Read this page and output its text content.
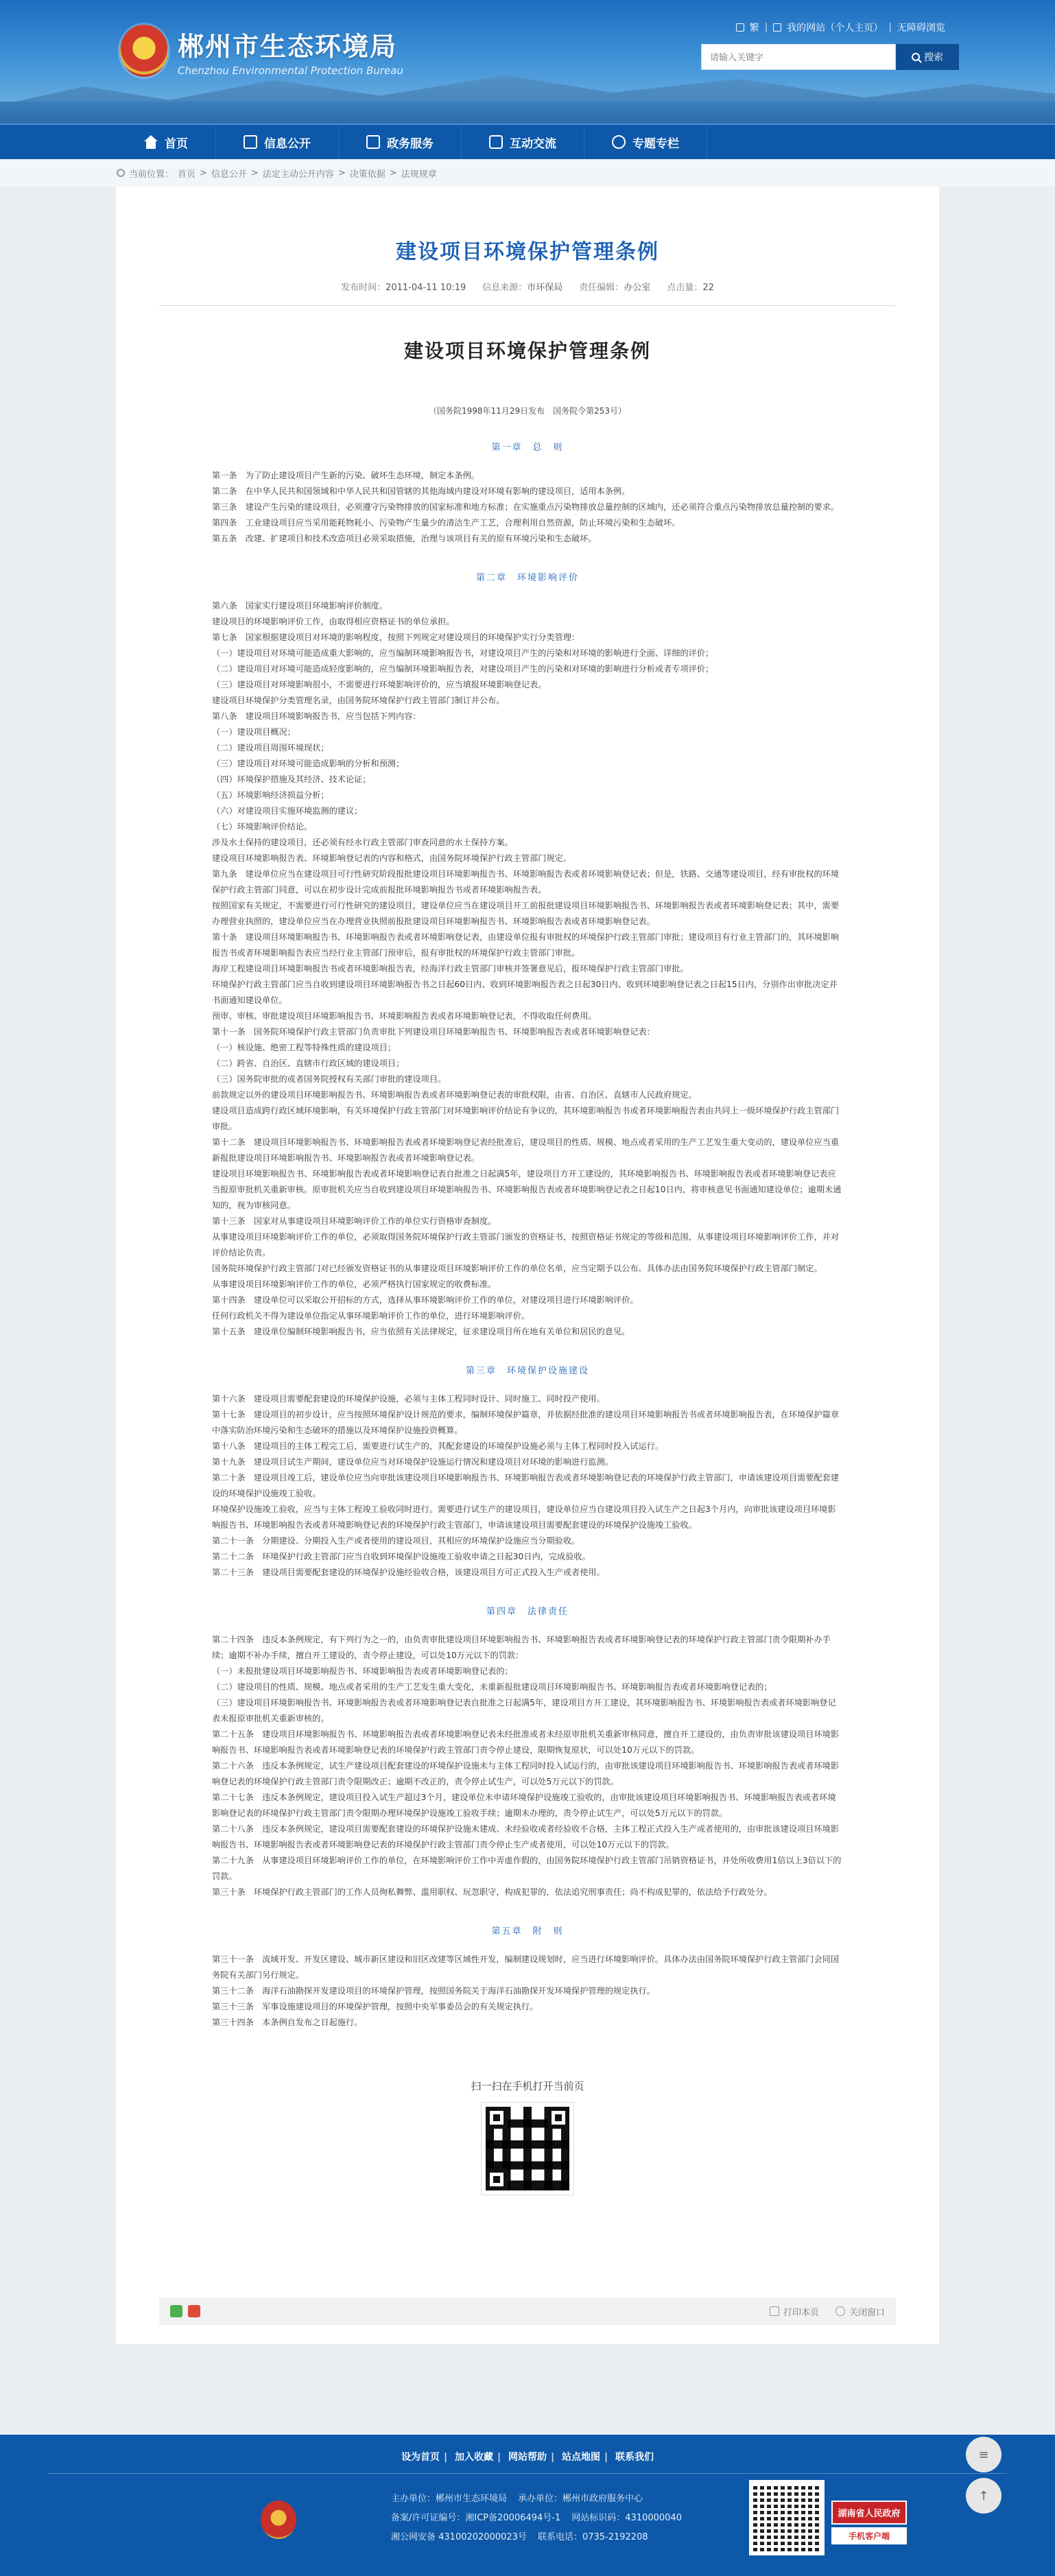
繁 | 我的网站（个人主页） | 无障碍浏览
郴州市生态环境局
Chenzhou Environmental Protection Bureau
请输入关键字
搜索
首页	信息公开	政务服务	互动交流	专题专栏
当前位置： 首页 > 信息公开 > 法定主动公开内容 > 决策依据 > 法规规章
建设项目环境保护管理条例
发布时间：2011-04-11 10:19 信息来源：市环保局 责任编辑：办公室 点击量：22
建设项目环境保护管理条例
（国务院1998年11月29日发布　国务院令第253号）
第一章　总　则
第一条　为了防止建设项目产生新的污染、破坏生态环境，制定本条例。
第二条　在中华人民共和国领域和中华人民共和国管辖的其他海域内建设对环境有影响的建设项目，适用本条例。
第三条　建设产生污染的建设项目，必须遵守污染物排放的国家标准和地方标准；在实施重点污染物排放总量控制的区域内，还必须符合重点污染物排放总量控制的要求。
第四条　工业建设项目应当采用能耗物耗小、污染物产生量少的清洁生产工艺，合理利用自然资源，防止环境污染和生态破坏。
第五条　改建、扩建项目和技术改造项目必须采取措施，治理与该项目有关的原有环境污染和生态破坏。
第二章　环境影响评价
第六条　国家实行建设项目环境影响评价制度。
建设项目的环境影响评价工作，由取得相应资格证书的单位承担。
第七条　国家根据建设项目对环境的影响程度，按照下列规定对建设项目的环境保护实行分类管理：
（一）建设项目对环境可能造成重大影响的，应当编制环境影响报告书，对建设项目产生的污染和对环境的影响进行全面、详细的评价；
（二）建设项目对环境可能造成轻度影响的，应当编制环境影响报告表，对建设项目产生的污染和对环境的影响进行分析或者专项评价；
（三）建设项目对环境影响很小，不需要进行环境影响评价的，应当填报环境影响登记表。
建设项目环境保护分类管理名录，由国务院环境保护行政主管部门制订并公布。
第八条　建设项目环境影响报告书，应当包括下列内容：
（一）建设项目概况；
（二）建设项目周围环境现状；
（三）建设项目对环境可能造成影响的分析和预测；
（四）环境保护措施及其经济、技术论证；
（五）环境影响经济损益分析；
（六）对建设项目实施环境监测的建议；
（七）环境影响评价结论。
涉及水土保持的建设项目，还必须有经水行政主管部门审查同意的水土保持方案。
建设项目环境影响报告表、环境影响登记表的内容和格式，由国务院环境保护行政主管部门规定。
第九条　建设单位应当在建设项目可行性研究阶段报批建设项目环境影响报告书、环境影响报告表或者环境影响登记表；但是，铁路、交通等建设项目，经有审批权的环境保护行政主管部门同意，可以在初步设计完成前报批环境影响报告书或者环境影响报告表。
按照国家有关规定，不需要进行可行性研究的建设项目，建设单位应当在建设项目开工前报批建设项目环境影响报告书、环境影响报告表或者环境影响登记表；其中，需要办理营业执照的，建设单位应当在办理营业执照前报批建设项目环境影响报告书、环境影响报告表或者环境影响登记表。
第十条　建设项目环境影响报告书、环境影响报告表或者环境影响登记表，由建设单位报有审批权的环境保护行政主管部门审批；建设项目有行业主管部门的，其环境影响报告书或者环境影响报告表应当经行业主管部门预审后，报有审批权的环境保护行政主管部门审批。
海岸工程建设项目环境影响报告书或者环境影响报告表，经海洋行政主管部门审核并签署意见后，报环境保护行政主管部门审批。
环境保护行政主管部门应当自收到建设项目环境影响报告书之日起60日内、收到环境影响报告表之日起30日内、收到环境影响登记表之日起15日内，分别作出审批决定并书面通知建设单位。
预审、审核、审批建设项目环境影响报告书、环境影响报告表或者环境影响登记表，不得收取任何费用。
第十一条　国务院环境保护行政主管部门负责审批下列建设项目环境影响报告书、环境影响报告表或者环境影响登记表：
（一）核设施、绝密工程等特殊性质的建设项目；
（二）跨省、自治区、直辖市行政区域的建设项目；
（三）国务院审批的或者国务院授权有关部门审批的建设项目。
前款规定以外的建设项目环境影响报告书、环境影响报告表或者环境影响登记表的审批权限，由省、自治区、直辖市人民政府规定。
建设项目造成跨行政区域环境影响，有关环境保护行政主管部门对环境影响评价结论有争议的，其环境影响报告书或者环境影响报告表由共同上一级环境保护行政主管部门审批。
第十二条　建设项目环境影响报告书、环境影响报告表或者环境影响登记表经批准后，建设项目的性质、规模、地点或者采用的生产工艺发生重大变动的，建设单位应当重新报批建设项目环境影响报告书、环境影响报告表或者环境影响登记表。
建设项目环境影响报告书、环境影响报告表或者环境影响登记表自批准之日起满5年，建设项目方开工建设的，其环境影响报告书、环境影响报告表或者环境影响登记表应当报原审批机关重新审核。原审批机关应当自收到建设项目环境影响报告书、环境影响报告表或者环境影响登记表之日起10日内，将审核意见书面通知建设单位；逾期未通知的，视为审核同意。
第十三条　国家对从事建设项目环境影响评价工作的单位实行资格审查制度。
从事建设项目环境影响评价工作的单位，必须取得国务院环境保护行政主管部门颁发的资格证书，按照资格证书规定的等级和范围，从事建设项目环境影响评价工作，并对评价结论负责。
国务院环境保护行政主管部门对已经颁发资格证书的从事建设项目环境影响评价工作的单位名单，应当定期予以公布。具体办法由国务院环境保护行政主管部门制定。
从事建设项目环境影响评价工作的单位，必须严格执行国家规定的收费标准。
第十四条　建设单位可以采取公开招标的方式，选择从事环境影响评价工作的单位，对建设项目进行环境影响评价。
任何行政机关不得为建设单位指定从事环境影响评价工作的单位，进行环境影响评价。
第十五条　建设单位编制环境影响报告书，应当依照有关法律规定，征求建设项目所在地有关单位和居民的意见。
第三章　环境保护设施建设
第十六条　建设项目需要配套建设的环境保护设施，必须与主体工程同时设计、同时施工、同时投产使用。
第十七条　建设项目的初步设计，应当按照环境保护设计规范的要求，编制环境保护篇章，并依据经批准的建设项目环境影响报告书或者环境影响报告表，在环境保护篇章中落实防治环境污染和生态破坏的措施以及环境保护设施投资概算。
第十八条　建设项目的主体工程完工后，需要进行试生产的，其配套建设的环境保护设施必须与主体工程同时投入试运行。
第十九条　建设项目试生产期间，建设单位应当对环境保护设施运行情况和建设项目对环境的影响进行监测。
第二十条　建设项目竣工后，建设单位应当向审批该建设项目环境影响报告书、环境影响报告表或者环境影响登记表的环境保护行政主管部门，申请该建设项目需要配套建设的环境保护设施竣工验收。
环境保护设施竣工验收，应当与主体工程竣工验收同时进行。需要进行试生产的建设项目，建设单位应当自建设项目投入试生产之日起3个月内，向审批该建设项目环境影响报告书、环境影响报告表或者环境影响登记表的环境保护行政主管部门，申请该建设项目需要配套建设的环境保护设施竣工验收。
第二十一条　分期建设、分期投入生产或者使用的建设项目，其相应的环境保护设施应当分期验收。
第二十二条　环境保护行政主管部门应当自收到环境保护设施竣工验收申请之日起30日内，完成验收。
第二十三条　建设项目需要配套建设的环境保护设施经验收合格，该建设项目方可正式投入生产或者使用。
第四章　法律责任
第二十四条　违反本条例规定，有下列行为之一的，由负责审批建设项目环境影响报告书、环境影响报告表或者环境影响登记表的环境保护行政主管部门责令限期补办手续；逾期不补办手续，擅自开工建设的，责令停止建设，可以处10万元以下的罚款：
（一）未报批建设项目环境影响报告书、环境影响报告表或者环境影响登记表的；
（二）建设项目的性质、规模、地点或者采用的生产工艺发生重大变化，未重新报批建设项目环境影响报告书、环境影响报告表或者环境影响登记表的；
（三）建设项目环境影响报告书、环境影响报告表或者环境影响登记表自批准之日起满5年，建设项目方开工建设，其环境影响报告书、环境影响报告表或者环境影响登记表未报原审批机关重新审核的。
第二十五条　建设项目环境影响报告书、环境影响报告表或者环境影响登记表未经批准或者未经原审批机关重新审核同意，擅自开工建设的，由负责审批该建设项目环境影响报告书、环境影响报告表或者环境影响登记表的环境保护行政主管部门责令停止建设，限期恢复原状，可以处10万元以下的罚款。
第二十六条　违反本条例规定，试生产建设项目配套建设的环境保护设施未与主体工程同时投入试运行的，由审批该建设项目环境影响报告书、环境影响报告表或者环境影响登记表的环境保护行政主管部门责令限期改正；逾期不改正的，责令停止试生产，可以处5万元以下的罚款。
第二十七条　违反本条例规定，建设项目投入试生产超过3个月，建设单位未申请环境保护设施竣工验收的，由审批该建设项目环境影响报告书、环境影响报告表或者环境影响登记表的环境保护行政主管部门责令限期办理环境保护设施竣工验收手续；逾期未办理的，责令停止试生产，可以处5万元以下的罚款。
第二十八条　违反本条例规定，建设项目需要配套建设的环境保护设施未建成、未经验收或者经验收不合格，主体工程正式投入生产或者使用的，由审批该建设项目环境影响报告书、环境影响报告表或者环境影响登记表的环境保护行政主管部门责令停止生产或者使用，可以处10万元以下的罚款。
第二十九条　从事建设项目环境影响评价工作的单位，在环境影响评价工作中弄虚作假的，由国务院环境保护行政主管部门吊销资格证书，并处所收费用1倍以上3倍以下的罚款。
第三十条　环境保护行政主管部门的工作人员徇私舞弊、滥用职权、玩忽职守，构成犯罪的，依法追究刑事责任；尚不构成犯罪的，依法给予行政处分。
第五章　附　则
第三十一条　流域开发、开发区建设、城市新区建设和旧区改建等区域性开发，编制建设规划时，应当进行环境影响评价。具体办法由国务院环境保护行政主管部门会同国务院有关部门另行规定。
第三十二条　海洋石油勘探开发建设项目的环境保护管理，按照国务院关于海洋石油勘探开发环境保护管理的规定执行。
第三十三条　军事设施建设项目的环境保护管理，按照中央军事委员会的有关规定执行。
第三十四条　本条例自发布之日起施行。
扫一扫在手机打开当前页
打印本页	关闭窗口
设为首页 | 加入收藏 | 网站帮助 | 站点地图 | 联系我们
主办单位：郴州市生态环境局 承办单位：郴州市政府服务中心
备案/许可证编号：湘ICP备20006494号-1 网站标识码：4310000040
湘公网安备 43100202000023号 联系电话：0735-2192208
湖南省人民政府
手机客户端
≡
↑
